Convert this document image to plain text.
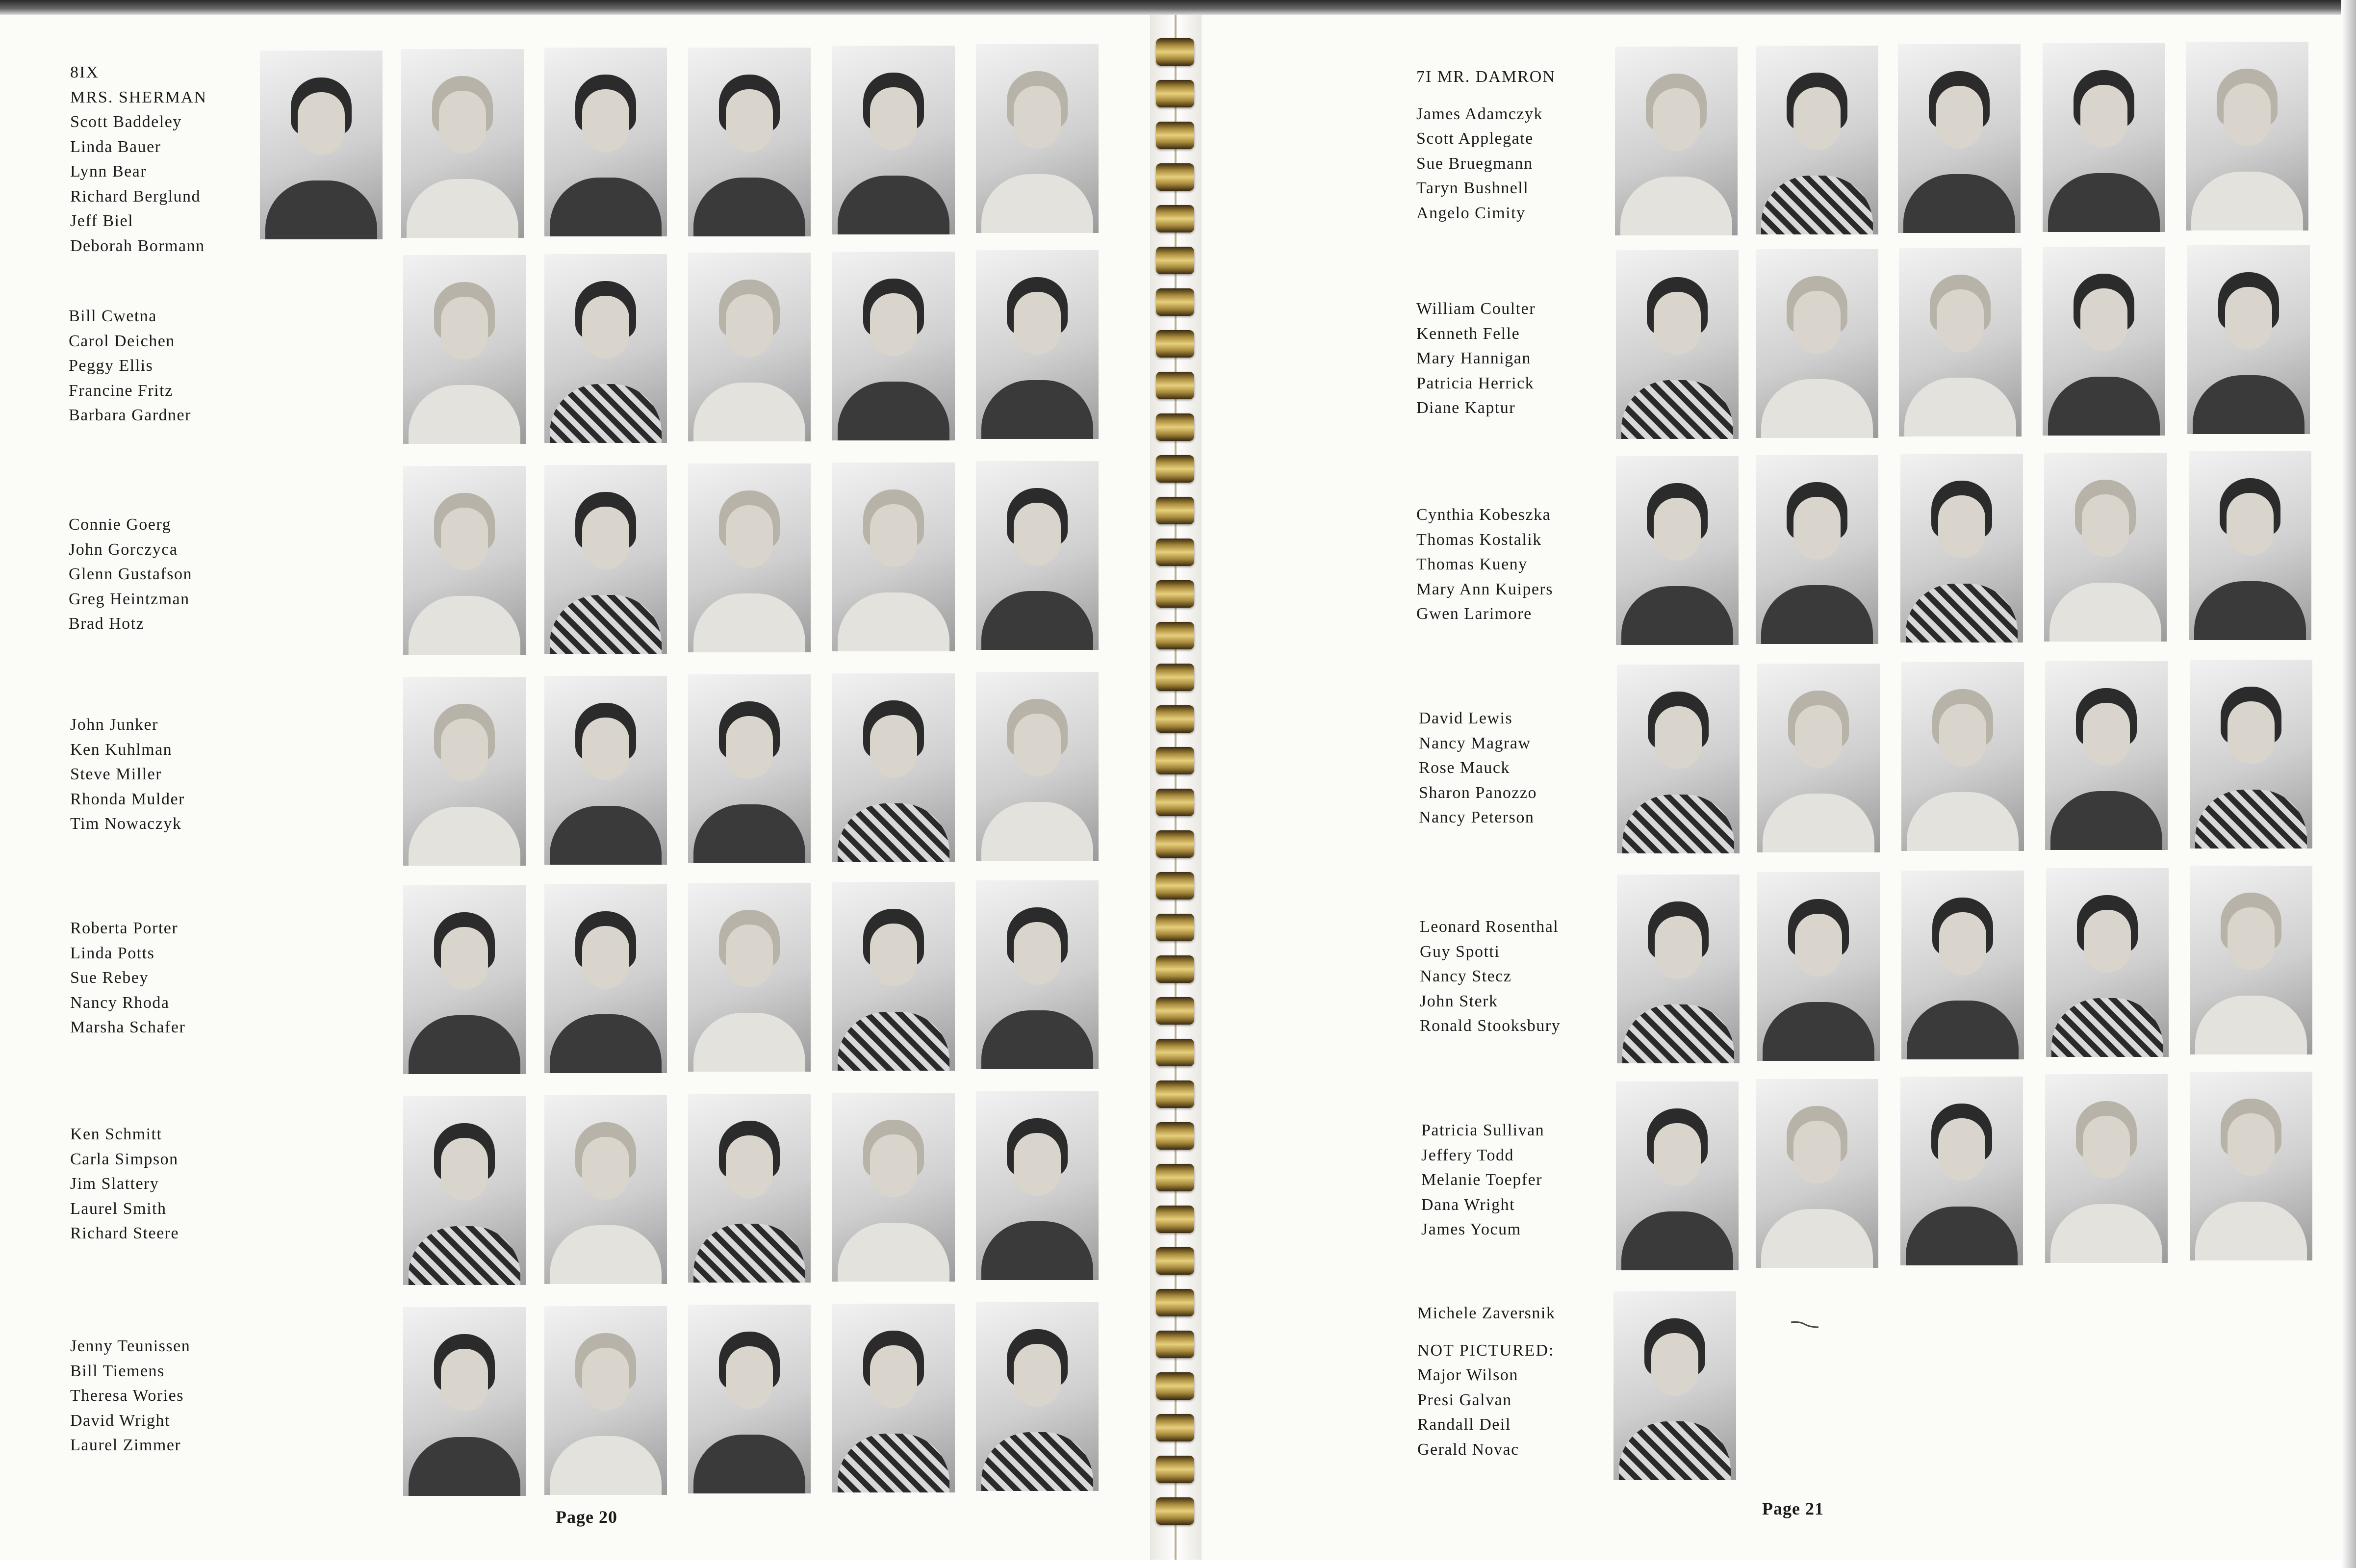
8IX
MRS. SHERMAN
Scott Baddeley
Linda Bauer
Lynn Bear
Richard Berglund
Jeff Biel
Deborah Bormann
Bill Cwetna
Carol Deichen
Peggy Ellis
Francine Fritz
Barbara Gardner
Connie Goerg
John Gorczyca
Glenn Gustafson
Greg Heintzman
Brad Hotz
John Junker
Ken Kuhlman
Steve Miller
Rhonda Mulder
Tim Nowaczyk
Roberta Porter
Linda Potts
Sue Rebey
Nancy Rhoda
Marsha Schafer
Ken Schmitt
Carla Simpson
Jim Slattery
Laurel Smith
Richard Steere
Jenny Teunissen
Bill Tiemens
Theresa Wories
David Wright
Laurel Zimmer
Page 20
7I MR. DAMRON
James Adamczyk
Scott Applegate
Sue Bruegmann
Taryn Bushnell
Angelo Cimity
William Coulter
Kenneth Felle
Mary Hannigan
Patricia Herrick
Diane Kaptur
Cynthia Kobeszka
Thomas Kostalik
Thomas Kueny
Mary Ann Kuipers
Gwen Larimore
David Lewis
Nancy Magraw
Rose Mauck
Sharon Panozzo
Nancy Peterson
Leonard Rosenthal
Guy Spotti
Nancy Stecz
John Sterk
Ronald Stooksbury
Patricia Sullivan
Jeffery Todd
Melanie Toepfer
Dana Wright
James Yocum
Michele Zaversnik
NOT PICTURED:
Major Wilson
Presi Galvan
Randall Deil
Gerald Novac
Page 21
